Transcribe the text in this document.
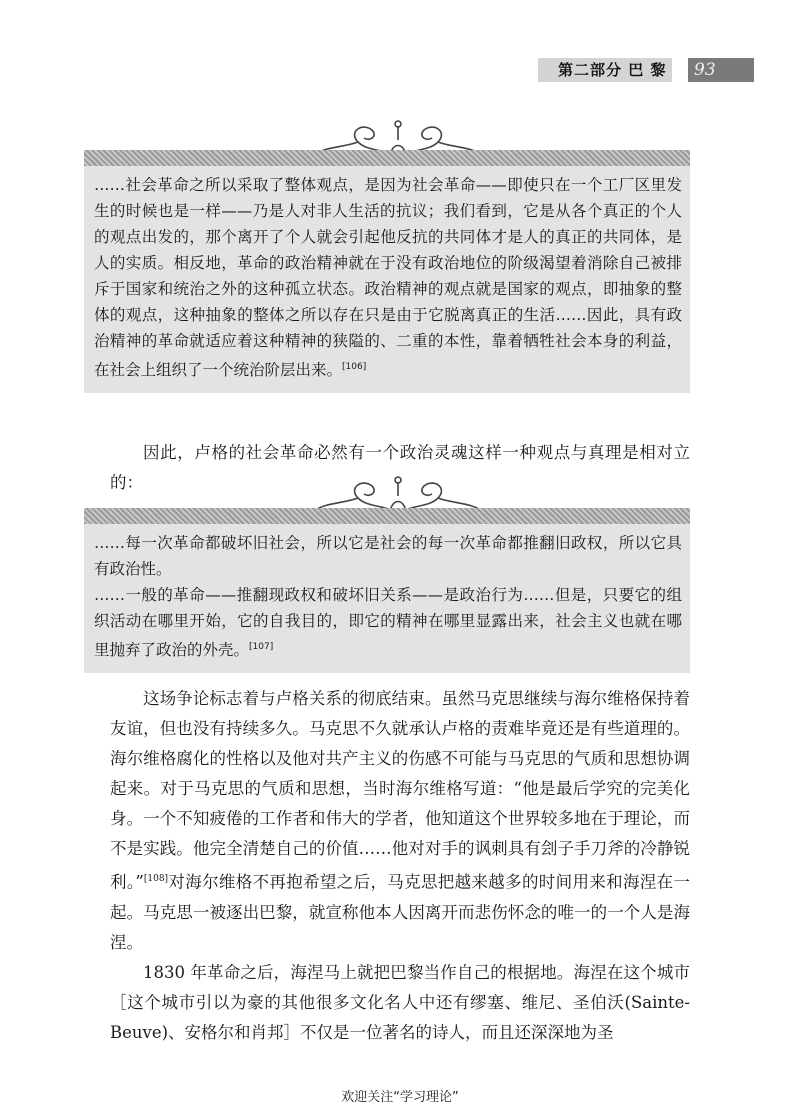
第二部分 巴 黎	93

……社会革命之所以采取了整体观点，是因为社会革命——即使只在一个工厂区里发生的时候也是一样——乃是人对非人生活的抗议；我们看到，它是从各个真正的个人的观点出发的，那个离开了个人就会引起他反抗的共同体才是人的真正的共同体，是人的实质。相反地，革命的政治精神就在于没有政治地位的阶级渴望着消除自己被排斥于国家和统治之外的这种孤立状态。政治精神的观点就是国家的观点，即抽象的整体的观点，这种抽象的整体之所以存在只是由于它脱离真正的生活……因此，具有政治精神的革命就适应着这种精神的狭隘的、二重的本性，靠着牺牲社会本身的利益，在社会上组织了一个统治阶层出来。[106]

因此，卢格的社会革命必然有一个政治灵魂这样一种观点与真理是相对立的：

……每一次革命都破坏旧社会，所以它是社会的每一次革命都推翻旧政权，所以它具有政治性。

……一般的革命——推翻现政权和破坏旧关系——是政治行为……但是，只要它的组织活动在哪里开始，它的自我目的，即它的精神在哪里显露出来，社会主义也就在哪里抛弃了政治的外壳。[107]

这场争论标志着与卢格关系的彻底结束。虽然马克思继续与海尔维格保持着友谊，但也没有持续多久。马克思不久就承认卢格的责难毕竟还是有些道理的。海尔维格腐化的性格以及他对共产主义的伤感不可能与马克思的气质和思想协调起来。对于马克思的气质和思想，当时海尔维格写道：“他是最后学究的完美化身。一个不知疲倦的工作者和伟大的学者，他知道这个世界较多地在于理论，而不是实践。他完全清楚自己的价值……他对对手的讽刺具有刽子手刀斧的冷静锐利。”[108]对海尔维格不再抱希望之后，马克思把越来越多的时间用来和海涅在一起。马克思一被逐出巴黎，就宣称他本人因离开而悲伤怀念的唯一的一个人是海涅。

1830 年革命之后，海涅马上就把巴黎当作自己的根据地。海涅在这个城市［这个城市引以为豪的其他很多文化名人中还有缪塞、维尼、圣伯沃(Sainte-Beuve)、安格尔和肖邦］不仅是一位著名的诗人，而且还深深地为圣

欢迎关注“学习理论”
